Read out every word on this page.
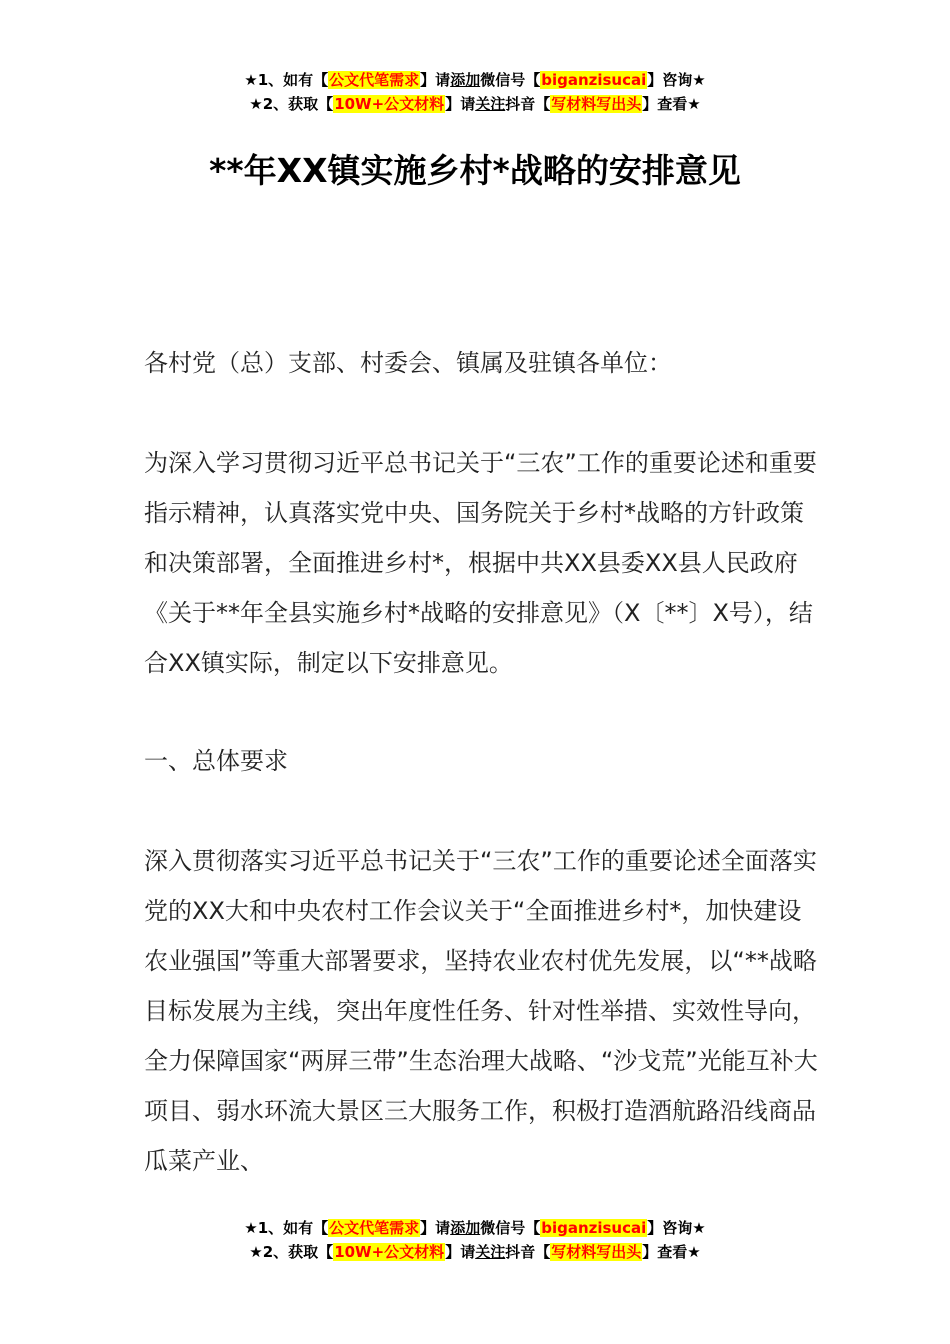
★1、如有【公文代笔需求】请添加微信号【biganzisucai】咨询★
★2、获取【10W+公文材料】请关注抖音【写材料写出头】查看★
**年XX镇实施乡村*战略的安排意见

各村党（总）支部、村委会、镇属及驻镇各单位：

为深入学习贯彻习近平总书记关于“三农”工作的重要论述和重要指示精神，认真落实党中央、国务院关于乡村*战略的方针政策和决策部署，全面推进乡村*，根据中共XX县委XX县人民政府《关于**年全县实施乡村*战略的安排意见》（X〔**〕X号），结合XX镇实际，制定以下安排意见。

一、总体要求

深入贯彻落实习近平总书记关于“三农”工作的重要论述全面落实党的XX大和中央农村工作会议关于“全面推进乡村*，加快建设农业强国”等重大部署要求，坚持农业农村优先发展，以“**战略目标发展为主线，突出年度性任务、针对性举措、实效性导向，全力保障国家“两屏三带”生态治理大战略、“沙戈荒”光能互补大项目、弱水环流大景区三大服务工作，积极打造酒航路沿线商品瓜菜产业、

★1、如有【公文代笔需求】请添加微信号【biganzisucai】咨询★
★2、获取【10W+公文材料】请关注抖音【写材料写出头】查看★
